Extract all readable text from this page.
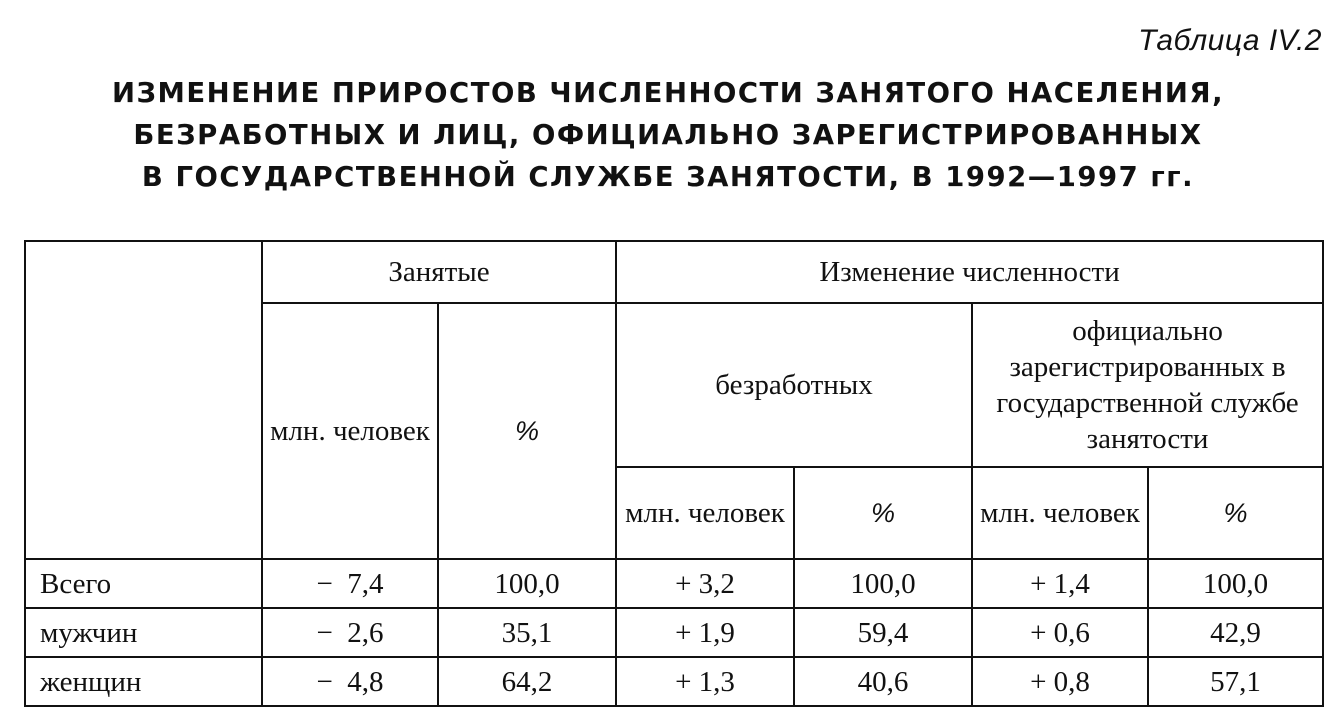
Таблица IV.2
ИЗМЕНЕНИЕ ПРИРОСТОВ ЧИСЛЕННОСТИ ЗАНЯТОГО НАСЕЛЕНИЯ,
БЕЗРАБОТНЫХ И ЛИЦ, ОФИЦИАЛЬНО ЗАРЕГИСТРИРОВАННЫХ
В ГОСУДАРСТВЕННОЙ СЛУЖБЕ ЗАНЯТОСТИ, В 1992—1997 гг.
	Занятые		Изменение численности			
	млн. человек	%	безработных		официально зарегистрированных в государственной службе занятости	
			млн. человек	%	млн. человек	%
Всего	−  7,4	100,0	+ 3,2	100,0	+ 1,4	100,0
мужчин	−  2,6	35,1	+ 1,9	59,4	+ 0,6	42,9
женщин	−  4,8	64,2	+ 1,3	40,6	+ 0,8	57,1
